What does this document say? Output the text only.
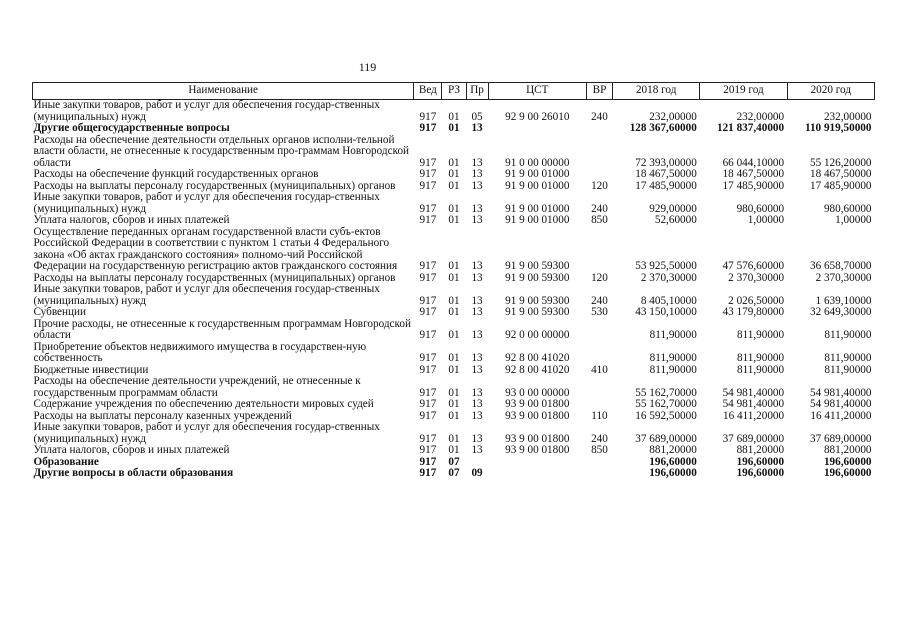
119
Наименование	Вед	РЗ	Пр	ЦСТ	ВР	2018 год	2019 год	2020 год
Иные закупки товаров, работ и услуг для обеспечения государ-ственных (муниципальных) нужд	917	01	05	92 9 00 26010	240	232,00000	232,00000	232,00000
Другие общегосударственные вопросы	917	01	13			128 367,60000	121 837,40000	110 919,50000
Расходы на обеспечение деятельности отдельных органов исполни-тельной власти области, не отнесенные к государственным про-граммам Новгородской области	917	01	13	91 0 00 00000		72 393,00000	66 044,10000	55 126,20000
Расходы на обеспечение функций государственных органов	917	01	13	91 9 00 01000		18 467,50000	18 467,50000	18 467,50000
Расходы на выплаты персоналу государственных (муниципальных) органов	917	01	13	91 9 00 01000	120	17 485,90000	17 485,90000	17 485,90000
Иные закупки товаров, работ и услуг для обеспечения государ-ственных (муниципальных) нужд	917	01	13	91 9 00 01000	240	929,00000	980,60000	980,60000
Уплата налогов, сборов и иных платежей	917	01	13	91 9 00 01000	850	52,60000	1,00000	1,00000
Осуществление переданных органам государственной власти субъ-ектов Российской Федерации в соответствии с пунктом 1 статьи 4 Федерального закона «Об актах гражданского состояния» полномо-чий Российской Федерации на государственную регистрацию актов гражданского состояния	917	01	13	91 9 00 59300		53 925,50000	47 576,60000	36 658,70000
Расходы на выплаты персоналу государственных (муниципальных) органов	917	01	13	91 9 00 59300	120	2 370,30000	2 370,30000	2 370,30000
Иные закупки товаров, работ и услуг для обеспечения государ-ственных (муниципальных) нужд	917	01	13	91 9 00 59300	240	8 405,10000	2 026,50000	1 639,10000
Субвенции	917	01	13	91 9 00 59300	530	43 150,10000	43 179,80000	32 649,30000
Прочие расходы, не отнесенные к государственным программам Новгородской области	917	01	13	92 0 00 00000		811,90000	811,90000	811,90000
Приобретение объектов недвижимого имущества в государствен-ную собственность	917	01	13	92 8 00 41020		811,90000	811,90000	811,90000
Бюджетные инвестиции	917	01	13	92 8 00 41020	410	811,90000	811,90000	811,90000
Расходы на обеспечение деятельности учреждений, не отнесенные к государственным программам области	917	01	13	93 0 00 00000		55 162,70000	54 981,40000	54 981,40000
Содержание учреждения по обеспечению деятельности мировых судей	917	01	13	93 9 00 01800		55 162,70000	54 981,40000	54 981,40000
Расходы на выплаты персоналу казенных учреждений	917	01	13	93 9 00 01800	110	16 592,50000	16 411,20000	16 411,20000
Иные закупки товаров, работ и услуг для обеспечения государ-ственных (муниципальных) нужд	917	01	13	93 9 00 01800	240	37 689,00000	37 689,00000	37 689,00000
Уплата налогов, сборов и иных платежей	917	01	13	93 9 00 01800	850	881,20000	881,20000	881,20000
Образование	917	07				196,60000	196,60000	196,60000
Другие вопросы в области образования	917	07	09			196,60000	196,60000	196,60000
